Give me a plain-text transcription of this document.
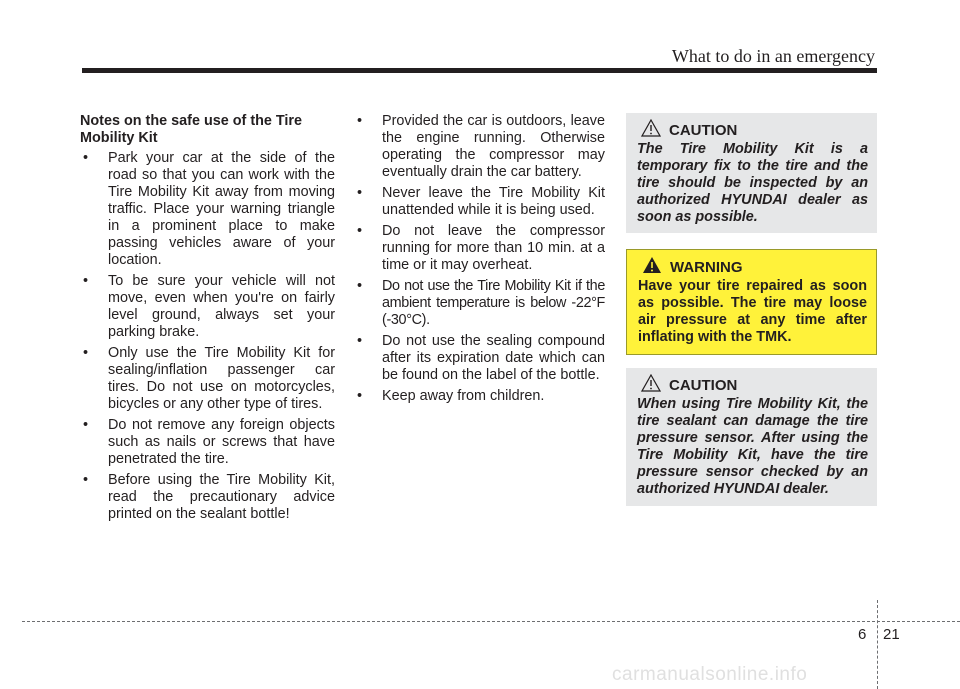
What to do in an emergency
Notes on the safe use of the Tire Mobility Kit
• Park your car at the side of the road so that you can work with the Tire Mobility Kit away from moving traffic. Place your warning triangle in a prominent place to make passing vehicles aware of your location.
• To be sure your vehicle will not move, even when you're on fairly level ground, always set your parking brake.
• Only use the Tire Mobility Kit for sealing/inflation passenger car tires. Do not use on motorcycles, bicycles or any other type of tires.
• Do not remove any foreign objects such as nails or screws that have penetrated the tire.
• Before using the Tire Mobility Kit, read the precautionary advice printed on the sealant bottle!
• Provided the car is outdoors, leave the engine running. Otherwise operating the compressor may eventually drain the car battery.
• Never leave the Tire Mobility Kit unattended while it is being used.
• Do not leave the compressor running for more than 10 min. at a time or it may overheat.
• Do not use the Tire Mobility Kit if the ambient temperature is below -22°F (-30°C).
• Do not use the sealing compound after its expiration date which can be found on the label of the bottle.
• Keep away from children.
CAUTION
The Tire Mobility Kit is a temporary fix to the tire and the tire should be inspected by an authorized HYUNDAI dealer as soon as possible.
WARNING
Have your tire repaired as soon as possible. The tire may loose air pressure at any time after inflating with the TMK.
CAUTION
When using Tire Mobility Kit, the tire sealant can damage the tire pressure sensor. After using the Tire Mobility Kit, have the tire pressure sensor checked by an authorized HYUNDAI dealer.
6 21
carmanualsonline.info
